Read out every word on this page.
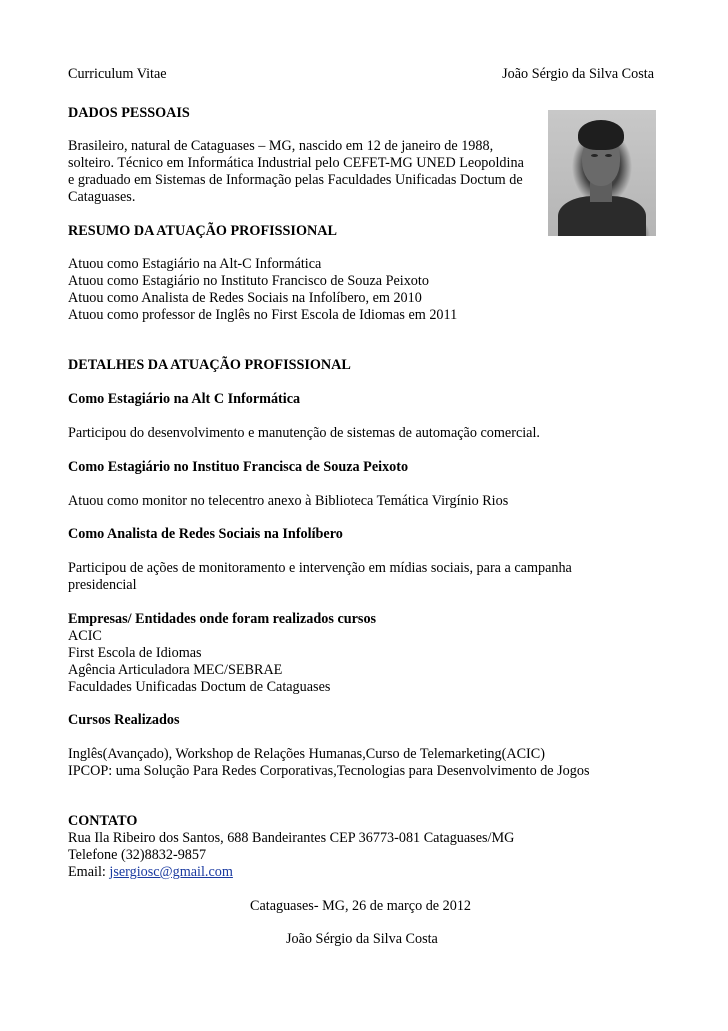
Curriculum Vitae	João Sérgio da Silva Costa
DADOS PESSOAIS
Brasileiro, natural de Cataguases – MG, nascido em 12 de janeiro de 1988,
solteiro. Técnico em Informática Industrial pelo CEFET-MG UNED Leopoldina
e graduado em Sistemas de Informação pelas Faculdades Unificadas Doctum de
Cataguases.
RESUMO DA ATUAÇÃO PROFISSIONAL
Atuou como Estagiário na Alt-C Informática
Atuou como Estagiário no Instituto Francisco de Souza Peixoto
Atuou como Analista de Redes Sociais na Infolíbero, em 2010
Atuou como professor de Inglês no First Escola de Idiomas em 2011
DETALHES DA ATUAÇÃO PROFISSIONAL
Como Estagiário na Alt C Informática
Participou do desenvolvimento e manutenção de sistemas de automação comercial.
Como Estagiário no Instituo Francisca de Souza Peixoto
Atuou como monitor no telecentro anexo à Biblioteca Temática Virgínio Rios
Como Analista de Redes Sociais na Infolíbero
Participou de ações de monitoramento e intervenção em mídias sociais, para a campanha
presidencial
Empresas/ Entidades onde foram realizados cursos
ACIC
First Escola de Idiomas
Agência Articuladora MEC/SEBRAE
Faculdades Unificadas Doctum de Cataguases
Cursos Realizados
Inglês(Avançado), Workshop de Relações Humanas,Curso de Telemarketing(ACIC)
IPCOP: uma Solução Para Redes Corporativas,Tecnologias para Desenvolvimento de Jogos
CONTATO
Rua Ila Ribeiro dos Santos, 688 Bandeirantes CEP 36773-081 Cataguases/MG
Telefone (32)8832-9857
Email: jsergiosc@gmail.com
Cataguases- MG, 26 de março de 2012
João Sérgio da Silva Costa
